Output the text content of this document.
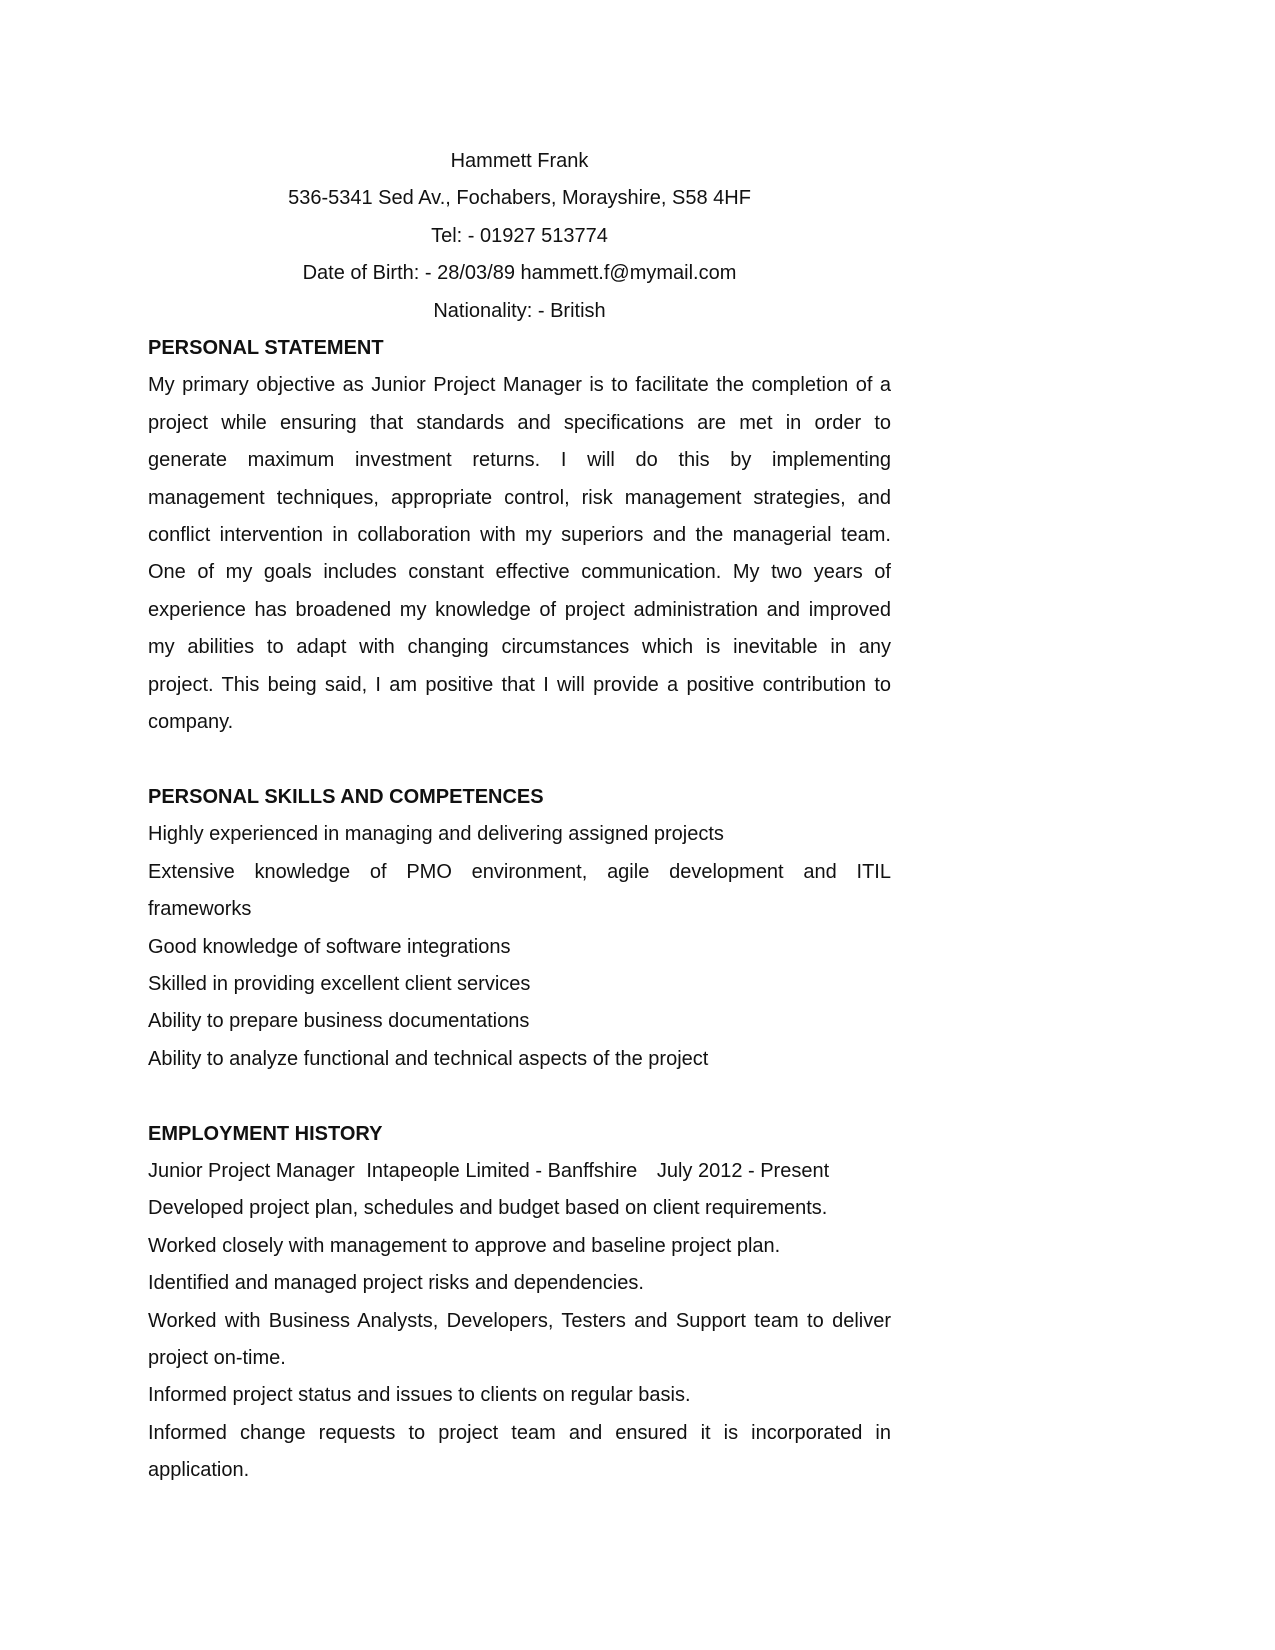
Hammett Frank
536-5341 Sed Av., Fochabers, Morayshire, S58 4HF
Tel: - 01927 513774
Date of Birth: - 28/03/89 hammett.f@mymail.com
Nationality: - British
PERSONAL STATEMENT
My primary objective as Junior Project Manager is to facilitate the completion of a
project while ensuring that standards and specifications are met in order to
generate maximum investment returns. I will do this by implementing
management techniques, appropriate control, risk management strategies, and
conflict intervention in collaboration with my superiors and the managerial team.
One of my goals includes constant effective communication. My two years of
experience has broadened my knowledge of project administration and improved
my abilities to adapt with changing circumstances which is inevitable in any
project. This being said, I am positive that I will provide a positive contribution to
company.
PERSONAL SKILLS AND COMPETENCES
Highly experienced in managing and delivering assigned projects
Extensive knowledge of PMO environment, agile development and ITIL
frameworks
Good knowledge of software integrations
Skilled in providing excellent client services
Ability to prepare business documentations
Ability to analyze functional and technical aspects of the project
EMPLOYMENT HISTORY
Junior Project Manager Intapeople Limited - Banffshire July 2012 - Present
Developed project plan, schedules and budget based on client requirements.
Worked closely with management to approve and baseline project plan.
Identified and managed project risks and dependencies.
Worked with Business Analysts, Developers, Testers and Support team to deliver
project on-time.
Informed project status and issues to clients on regular basis.
Informed change requests to project team and ensured it is incorporated in
application.
